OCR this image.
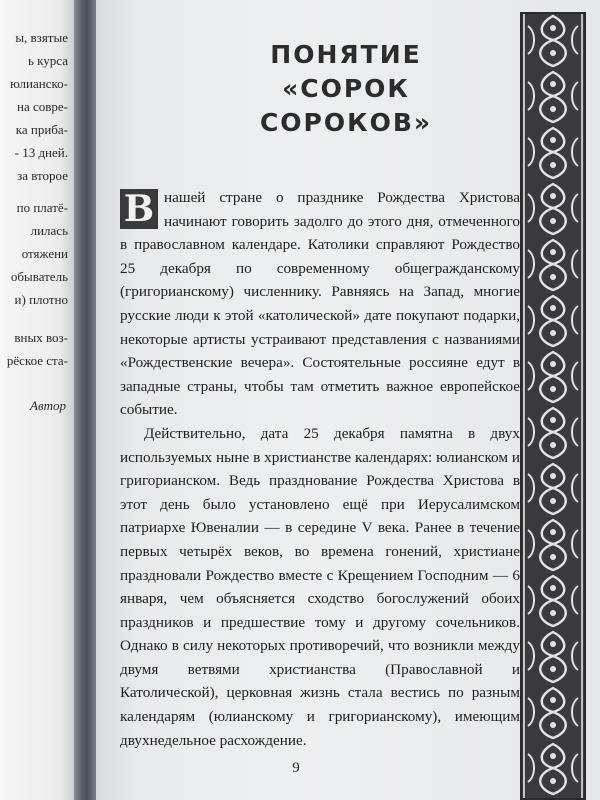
ы, взятые
ь курса
юлианско-
на совре-
ка приба-
- 13 дней.
за второе
по платё-
лилась
отяжени
обыватель
и) плотно
вных воз-
рёское ста-
Автор
ПОНЯТИЕ
«СОРОК СОРОКОВ»

В нашей стране о празднике Рождества Христова начинают говорить задолго до этого дня, отмеченного в православном календаре. Католики справляют Рождество 25 декабря по современному общегражданскому (григорианскому) численнику. Равняясь на Запад, многие русские люди к этой «католической» дате покупают подарки, некоторые артисты устраивают представления с названиями «Рождественские вечера». Состоятельные россияне едут в западные страны, чтобы там отметить важное европейское событие.

Действительно, дата 25 декабря памятна в двух используемых ныне в христианстве календарях: юлианском и григорианском. Ведь празднование Рождества Христова в этот день было установлено ещё при Иерусалимском патриархе Ювеналии — в середине V века. Ранее в течение первых четырёх веков, во времена гонений, христиане праздновали Рождество вместе с Крещением Господним — 6 января, чем объясняется сходство богослужений обоих праздников и предшествие тому и другому сочельников. Однако в силу некоторых противоречий, что возникли между двумя ветвями христианства (Православной и Католической), церковная жизнь стала вестись по разным календарям (юлианскому и григорианскому), имеющим двухнедельное расхождение.

9
